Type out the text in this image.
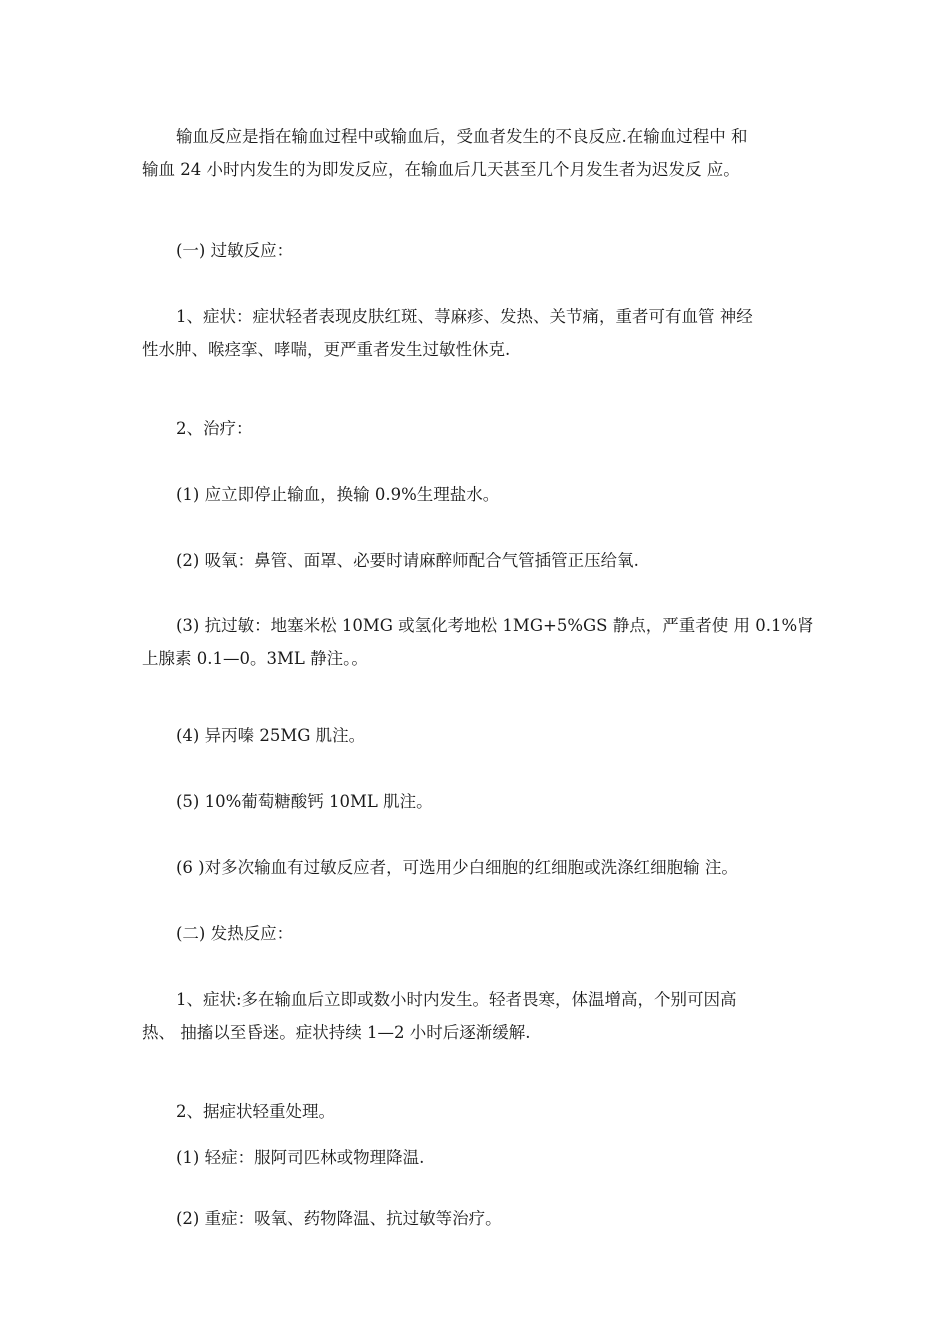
输血反应是指在输血过程中或输血后，受血者发生的不良反应.在输血过程中 和
输血 24 小时内发生的为即发反应，在输血后几天甚至几个月发生者为迟发反 应。

(一) 过敏反应：

1、症状：症状轻者表现皮肤红斑、荨麻疹、发热、关节痛，重者可有血管 神经
性水肿、喉痉挛、哮喘，更严重者发生过敏性休克.

2、治疗：

(1) 应立即停止输血，换输 0.9%生理盐水。

(2) 吸氧：鼻管、面罩、必要时请麻醉师配合气管插管正压给氧.

(3) 抗过敏：地塞米松 10MG 或氢化考地松 1MG+5%GS 静点，严重者使 用 0.1%肾
上腺素 0.1—0。3ML 静注。。

(4) 异丙嗪 25MG 肌注。

(5) 10%葡萄糖酸钙 10ML 肌注。

(6 )对多次输血有过敏反应者，可选用少白细胞的红细胞或洗涤红细胞输 注。

(二) 发热反应：

1、症状:多在输血后立即或数小时内发生。轻者畏寒，体温增高，个别可因高
热、 抽搐以至昏迷。症状持续 1—2 小时后逐渐缓解.

2、据症状轻重处理。

(1) 轻症：服阿司匹林或物理降温.

(2) 重症：吸氧、药物降温、抗过敏等治疗。
